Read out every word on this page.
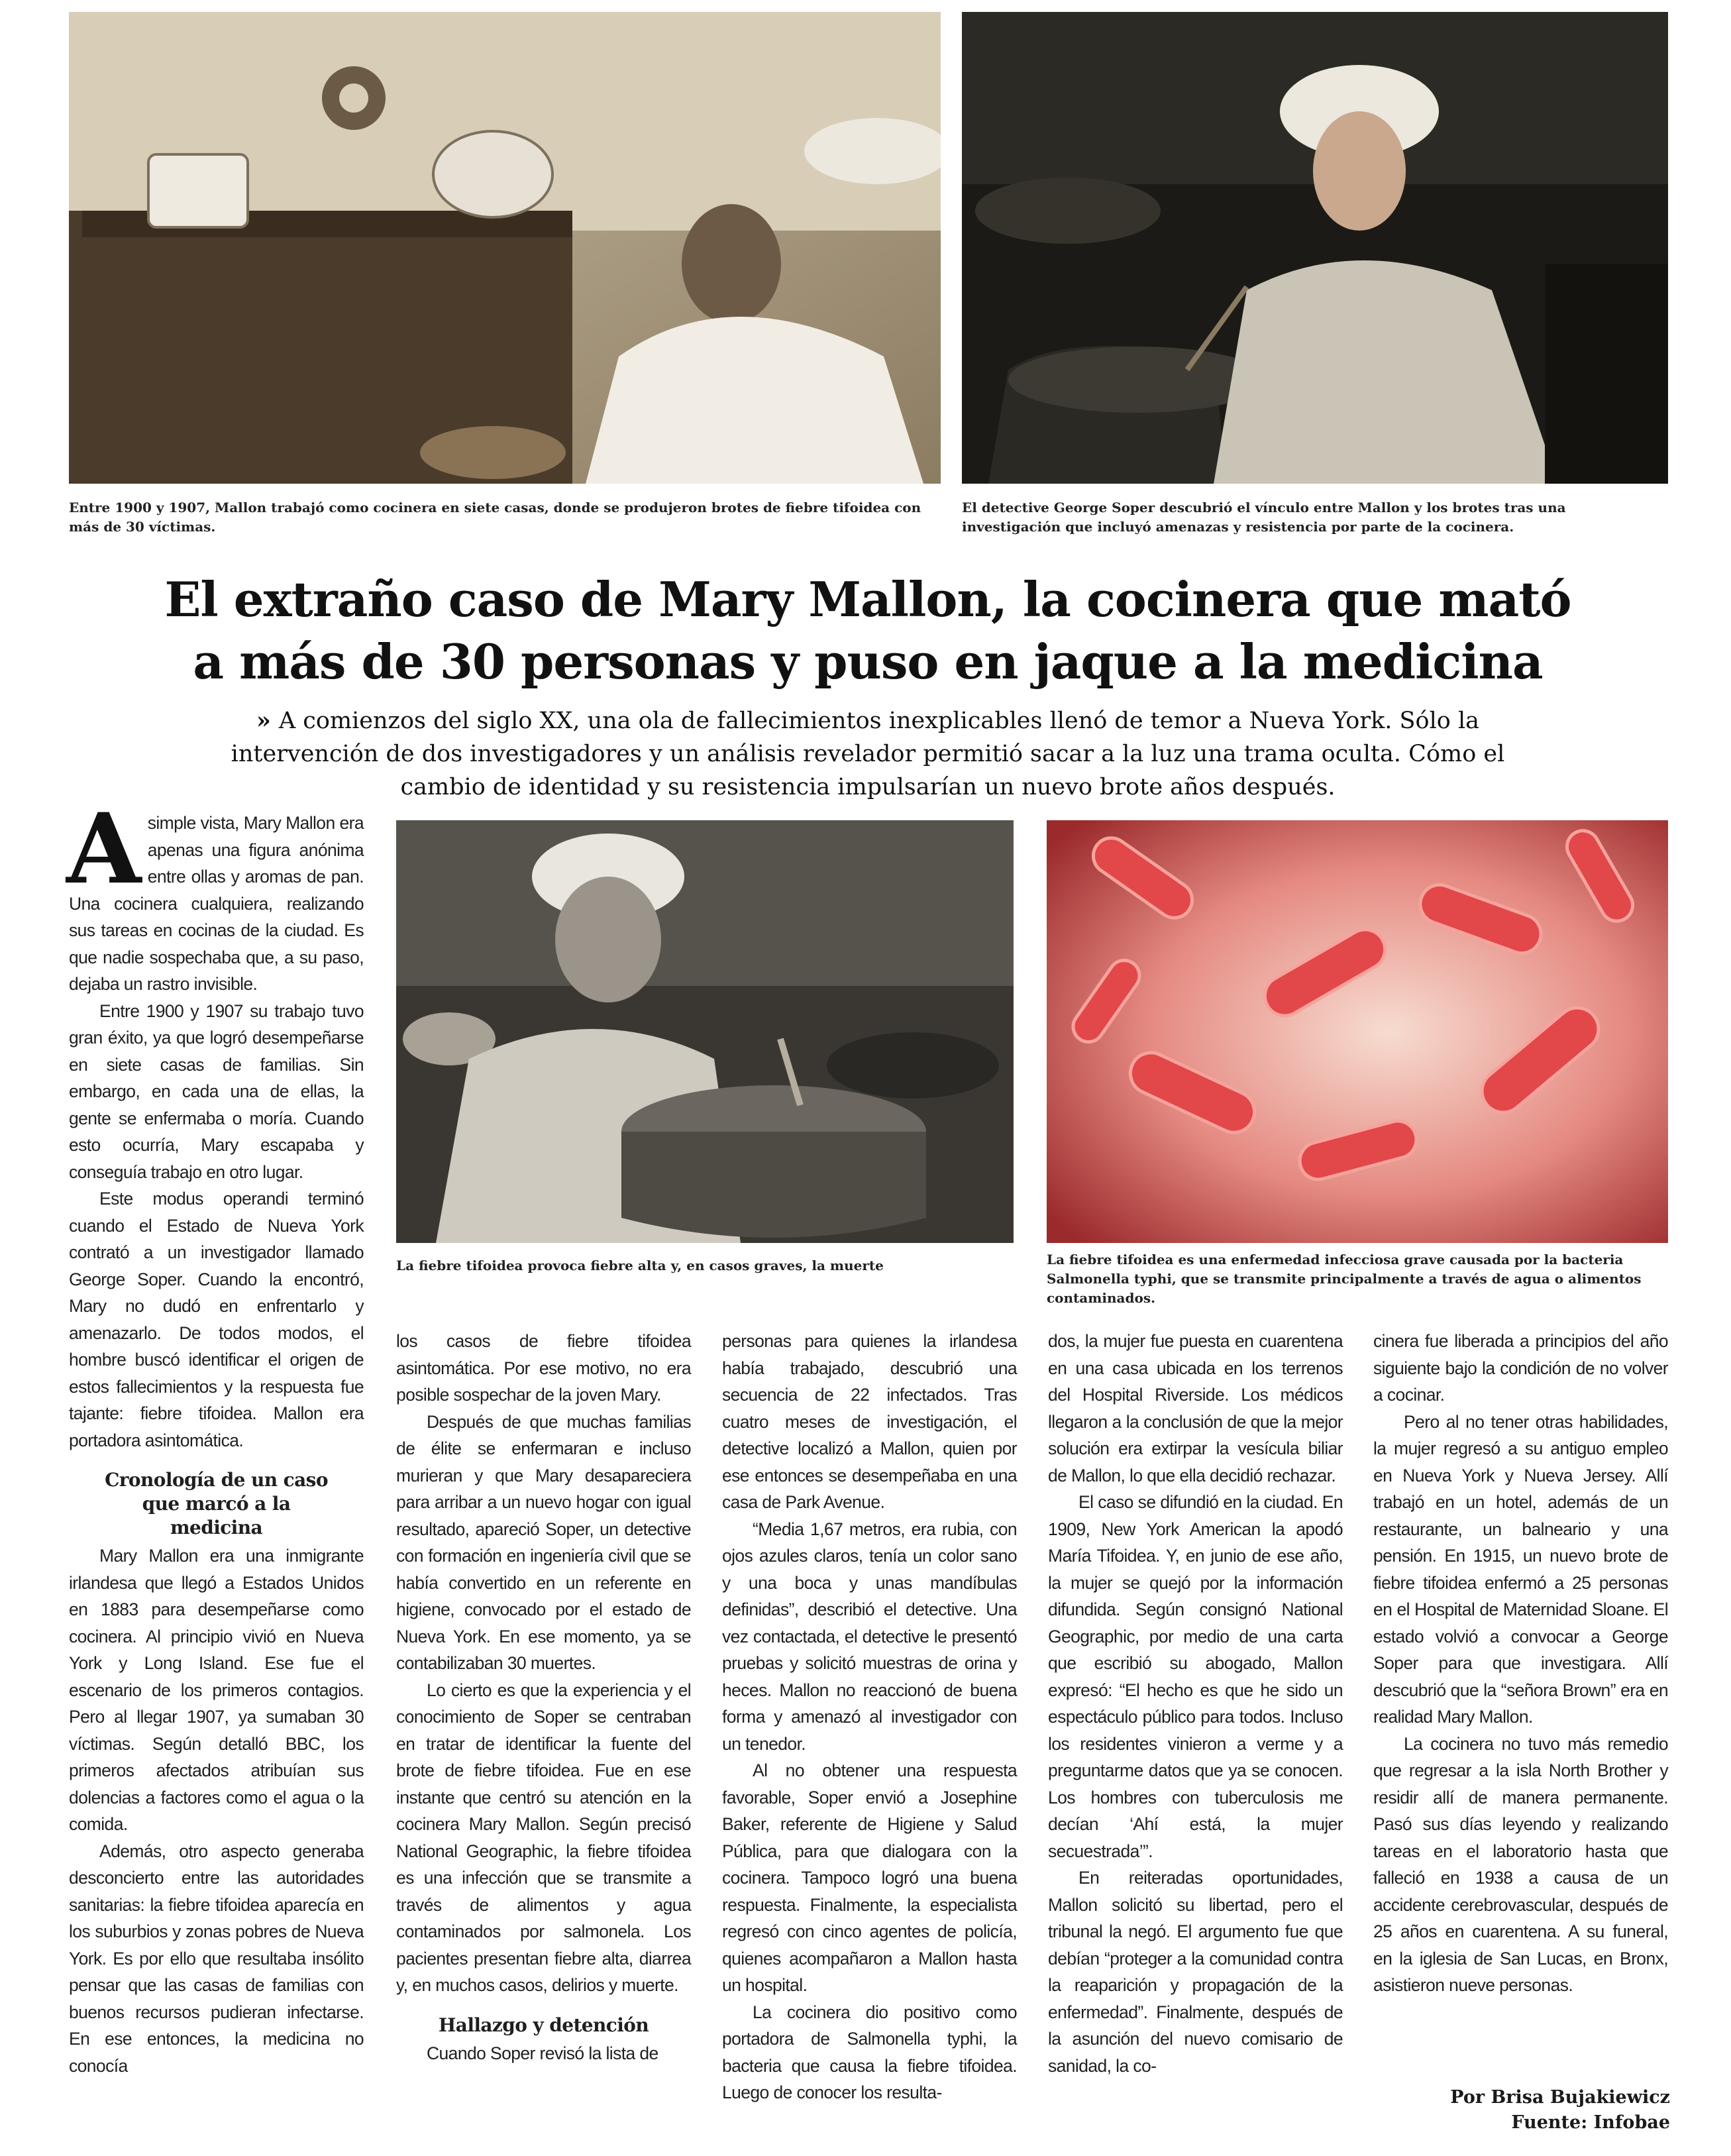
Entre 1900 y 1907, Mallon trabajó como cocinera en siete casas, donde se produjeron brotes de fiebre tifoidea con más de 30 víctimas.
El detective George Soper descubrió el vínculo entre Mallon y los brotes tras una investigación que incluyó amenazas y resistencia por parte de la cocinera.
El extraño caso de Mary Mallon, la cocinera que mató
a más de 30 personas y puso en jaque a la medicina
» A comienzos del siglo XX, una ola de fallecimientos inexplicables llenó de temor a Nueva York. Sólo la intervención de dos investigadores y un análisis revelador permitió sacar a la luz una trama oculta. Cómo el cambio de identidad y su resistencia impulsarían un nuevo brote años después.
La fiebre tifoidea provoca fiebre alta y, en casos graves, la muerte	La fiebre tifoidea es una enfermedad infecciosa grave causada por la bacteria Salmonella typhi, que se transmite principalmente a través de agua o alimentos contaminados.

Asimple vista, Mary Mallon era apenas una figura anónima entre ollas y aromas de pan. Una cocinera cualquiera, realizando sus tareas en cocinas de la ciudad. Es que nadie sospechaba que, a su paso, dejaba un rastro invisible.

Entre 1900 y 1907 su trabajo tuvo gran éxito, ya que logró desempeñarse en siete casas de familias. Sin embargo, en cada una de ellas, la gente se enfermaba o moría. Cuando esto ocurría, Mary escapaba y conseguía trabajo en otro lugar.

Este modus operandi terminó cuando el Estado de Nueva York contrató a un investigador llamado George Soper. Cuando la encontró, Mary no dudó en enfrentarlo y amenazarlo. De todos modos, el hombre buscó identificar el origen de estos fallecimientos y la respuesta fue tajante: fiebre tifoidea. Mallon era portadora asintomática.

Cronología de un caso que marcó a la medicina

Mary Mallon era una inmigrante irlandesa que llegó a Estados Unidos en 1883 para desempeñarse como cocinera. Al principio vivió en Nueva York y Long Island. Ese fue el escenario de los primeros contagios. Pero al llegar 1907, ya sumaban 30 víctimas. Según detalló BBC, los primeros afectados atribuían sus dolencias a factores como el agua o la comida.

Además, otro aspecto generaba desconcierto entre las autoridades sanitarias: la fiebre tifoidea aparecía en los suburbios y zonas pobres de Nueva York. Es por ello que resultaba insólito pensar que las casas de familias con buenos recursos pudieran infectarse. En ese entonces, la medicina no conocía

los casos de fiebre tifoidea asintomática. Por ese motivo, no era posible sospechar de la joven Mary.

Después de que muchas familias de élite se enfermaran e incluso murieran y que Mary desapareciera para arribar a un nuevo hogar con igual resultado, apareció Soper, un detective con formación en ingeniería civil que se había convertido en un referente en higiene, convocado por el estado de Nueva York. En ese momento, ya se contabilizaban 30 muertes.

Lo cierto es que la experiencia y el conocimiento de Soper se centraban en tratar de identificar la fuente del brote de fiebre tifoidea. Fue en ese instante que centró su atención en la cocinera Mary Mallon. Según precisó National Geographic, la fiebre tifoidea es una infección que se transmite a través de alimentos y agua contaminados por salmonela. Los pacientes presentan fiebre alta, diarrea y, en muchos casos, delirios y muerte.

Hallazgo y detención

Cuando Soper revisó la lista de

personas para quienes la irlandesa había trabajado, descubrió una secuencia de 22 infectados. Tras cuatro meses de investigación, el detective localizó a Mallon, quien por ese entonces se desempeñaba en una casa de Park Avenue.

“Media 1,67 metros, era rubia, con ojos azules claros, tenía un color sano y una boca y unas mandíbulas definidas”, describió el detective. Una vez contactada, el detective le presentó pruebas y solicitó muestras de orina y heces. Mallon no reaccionó de buena forma y amenazó al investigador con un tenedor.

Al no obtener una respuesta favorable, Soper envió a Josephine Baker, referente de Higiene y Salud Pública, para que dialogara con la cocinera. Tampoco logró una buena respuesta. Finalmente, la especialista regresó con cinco agentes de policía, quienes acompañaron a Mallon hasta un hospital.

La cocinera dio positivo como portadora de Salmonella typhi, la bacteria que causa la fiebre tifoidea. Luego de conocer los resulta-

dos, la mujer fue puesta en cuarentena en una casa ubicada en los terrenos del Hospital Riverside. Los médicos llegaron a la conclusión de que la mejor solución era extirpar la vesícula biliar de Mallon, lo que ella decidió rechazar.

El caso se difundió en la ciudad. En 1909, New York American la apodó María Tifoidea. Y, en junio de ese año, la mujer se quejó por la información difundida. Según consignó National Geographic, por medio de una carta que escribió su abogado, Mallon expresó: “El hecho es que he sido un espectáculo público para todos. Incluso los residentes vinieron a verme y a preguntarme datos que ya se conocen. Los hombres con tuberculosis me decían ‘Ahí está, la mujer secuestrada’”.

En reiteradas oportunidades, Mallon solicitó su libertad, pero el tribunal la negó. El argumento fue que debían “proteger a la comunidad contra la reaparición y propagación de la enfermedad”. Finalmente, después de la asunción del nuevo comisario de sanidad, la co-

cinera fue liberada a principios del año siguiente bajo la condición de no volver a cocinar.

Pero al no tener otras habilidades, la mujer regresó a su antiguo empleo en Nueva York y Nueva Jersey. Allí trabajó en un hotel, además de un restaurante, un balneario y una pensión. En 1915, un nuevo brote de fiebre tifoidea enfermó a 25 personas en el Hospital de Maternidad Sloane. El estado volvió a convocar a George Soper para que investigara. Allí descubrió que la “señora Brown” era en realidad Mary Mallon.

La cocinera no tuvo más remedio que regresar a la isla North Brother y residir allí de manera permanente. Pasó sus días leyendo y realizando tareas en el laboratorio hasta que falleció en 1938 a causa de un accidente cerebrovascular, después de 25 años en cuarentena. A su funeral, en la iglesia de San Lucas, en Bronx, asistieron nueve personas.

Por Brisa Bujakiewicz
Fuente: Infobae
